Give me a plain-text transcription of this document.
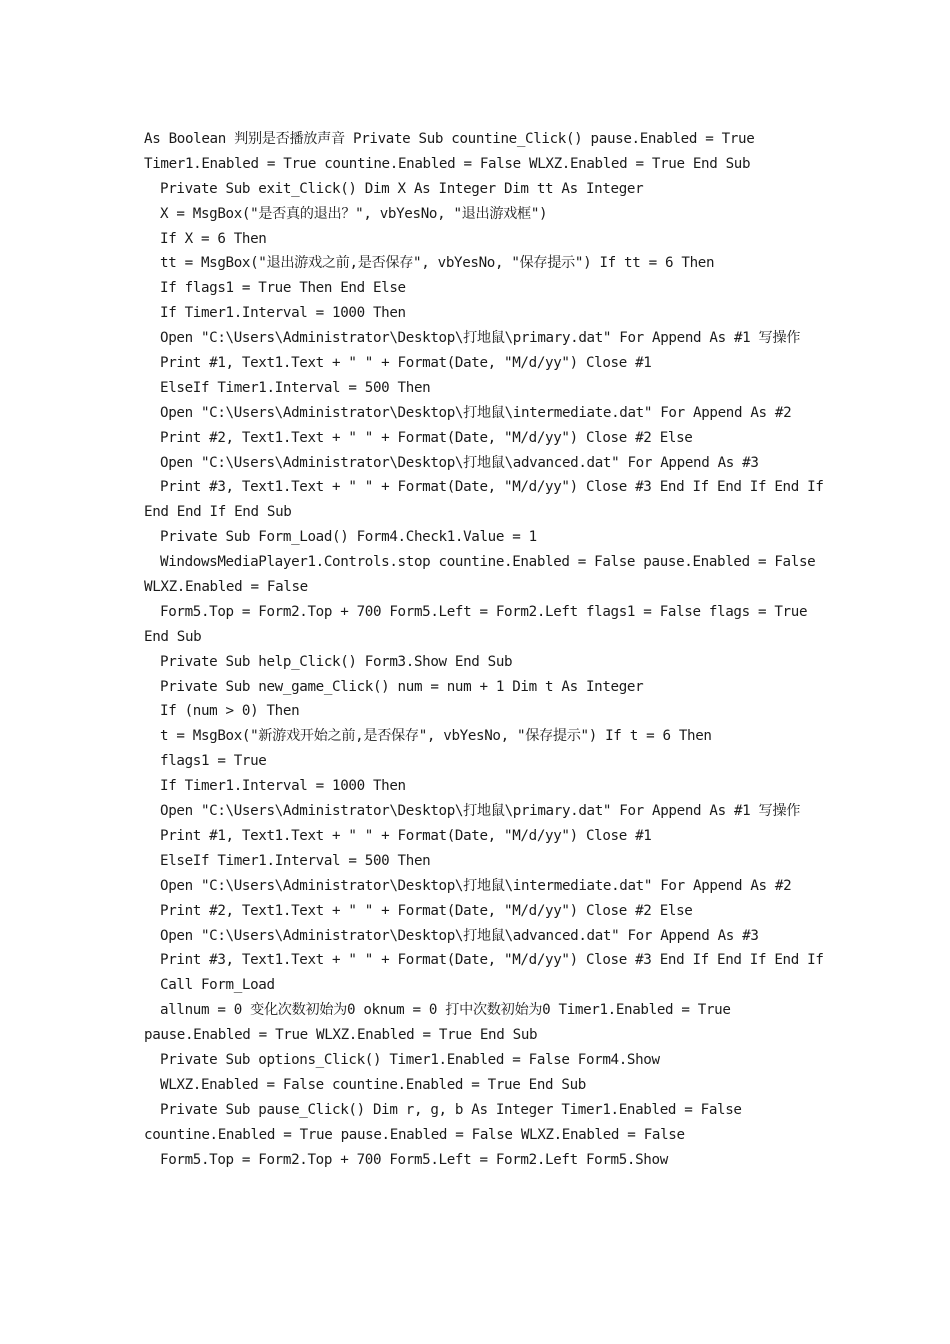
As Boolean 判别是否播放声音 Private Sub countine_Click() pause.Enabled = True
Timer1.Enabled = True countine.Enabled = False WLXZ.Enabled = True End Sub
Private Sub exit_Click() Dim X As Integer Dim tt As Integer
X = MsgBox("是否真的退出？", vbYesNo, "退出游戏框")
If X = 6 Then
tt = MsgBox("退出游戏之前,是否保存", vbYesNo, "保存提示") If tt = 6 Then
If flags1 = True Then End Else
If Timer1.Interval = 1000 Then
Open "C:\Users\Administrator\Desktop\打地鼠\primary.dat" For Append As #1 写操作
Print #1, Text1.Text + " " + Format(Date, "M/d/yy") Close #1
ElseIf Timer1.Interval = 500 Then
Open "C:\Users\Administrator\Desktop\打地鼠\intermediate.dat" For Append As #2
Print #2, Text1.Text + " " + Format(Date, "M/d/yy") Close #2 Else
Open "C:\Users\Administrator\Desktop\打地鼠\advanced.dat" For Append As #3
Print #3, Text1.Text + " " + Format(Date, "M/d/yy") Close #3 End If End If End If
End End If End Sub
Private Sub Form_Load() Form4.Check1.Value = 1
WindowsMediaPlayer1.Controls.stop countine.Enabled = False pause.Enabled = False
WLXZ.Enabled = False
Form5.Top = Form2.Top + 700 Form5.Left = Form2.Left flags1 = False flags = True
End Sub
Private Sub help_Click() Form3.Show End Sub
Private Sub new_game_Click() num = num + 1 Dim t As Integer
If (num > 0) Then
t = MsgBox("新游戏开始之前,是否保存", vbYesNo, "保存提示") If t = 6 Then
flags1 = True
If Timer1.Interval = 1000 Then
Open "C:\Users\Administrator\Desktop\打地鼠\primary.dat" For Append As #1 写操作
Print #1, Text1.Text + " " + Format(Date, "M/d/yy") Close #1
ElseIf Timer1.Interval = 500 Then
Open "C:\Users\Administrator\Desktop\打地鼠\intermediate.dat" For Append As #2
Print #2, Text1.Text + " " + Format(Date, "M/d/yy") Close #2 Else
Open "C:\Users\Administrator\Desktop\打地鼠\advanced.dat" For Append As #3
Print #3, Text1.Text + " " + Format(Date, "M/d/yy") Close #3 End If End If End If
Call Form_Load
allnum = 0 变化次数初始为0 oknum = 0 打中次数初始为0 Timer1.Enabled = True
pause.Enabled = True WLXZ.Enabled = True End Sub
Private Sub options_Click() Timer1.Enabled = False Form4.Show
WLXZ.Enabled = False countine.Enabled = True End Sub
Private Sub pause_Click() Dim r, g, b As Integer Timer1.Enabled = False
countine.Enabled = True pause.Enabled = False WLXZ.Enabled = False
Form5.Top = Form2.Top + 700 Form5.Left = Form2.Left Form5.Show
